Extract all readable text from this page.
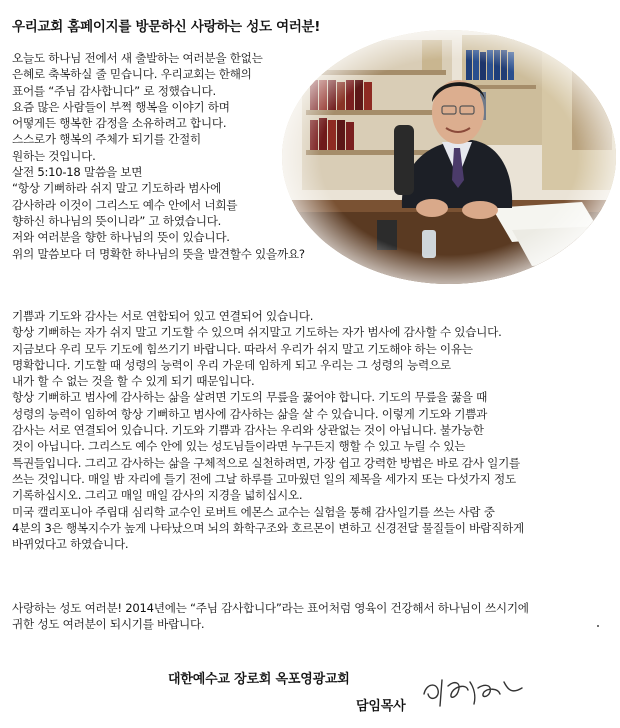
우리교회 홈페이지를 방문하신 사랑하는 성도 여러분!
오늘도 하나님 전에서 새 출발하는 여러분을 한없는
은혜로 축복하실 줄 믿습니다. 우리교회는 한해의
표어를 “주님 감사합니다” 로 정했습니다.
요즘 많은 사람들이 부쩍 행복을 이야기 하며
어떻게든 행복한 감정을 소유하려고 합니다.
스스로가 행복의 주체가 되기를 간절히
원하는 것입니다.
살전 5:10-18 말씀을 보면
“항상 기뻐하라 쉬지 말고 기도하라 범사에
감사하라 이것이 그리스도 예수 안에서 너희를
향하신 하나님의 뜻이니라” 고 하였습니다.
저와 여러분을 향한 하나님의 뜻이 있습니다.
위의 말씀보다 더 명확한 하나님의 뜻을 발견할수 있을까요?
기쁨과 기도와 감사는 서로 연합되어 있고 연결되어 있습니다.
항상 기뻐하는 자가 쉬지 말고 기도할 수 있으며 쉬지말고 기도하는 자가 범사에 감사할 수 있습니다.
지금보다 우리 모두 기도에 힘쓰기기 바랍니다. 따라서 우리가 쉬지 말고 기도해야 하는 이유는
명확합니다. 기도할 때 성령의 능력이 우리 가운데 임하게 되고 우리는 그 성령의 능력으로
내가 할 수 없는 것을 할 수 있게 되기 때문입니다.
항상 기뻐하고 범사에 감사하는 삶을 살려면 기도의 무릎을 꿇어야 합니다. 기도의 무릎을 꿇을 때
성령의 능력이 임하여 항상 기뻐하고 범사에 감사하는 삶을 살 수 있습니다. 이렇게 기도와 기쁨과
감사는 서로 연결되어 있습니다. 기도와 기쁨과 감사는 우리와 상관없는 것이 아닙니다. 불가능한
것이 아닙니다. 그리스도 예수 안에 있는 성도님들이라면 누구든지 행할 수 있고 누릴 수 있는
특권들입니다. 그리고 감사하는 삶을 구체적으로 실천하려면, 가장 쉽고 강력한 방법은 바로 감사 일기를
쓰는 것입니다. 매일 밤 자리에 들기 전에 그날 하루를 고마웠던 일의 제목을 세가지 또는 다섯가지 정도
기록하십시오. 그리고 매일 매일 감사의 지경을 넓히십시오.
미국 캘리포니아 주립대 심리학 교수인 로버트 에몬스 교수는 실험을 통해 감사일기를 쓰는 사람 중
4분의 3은 행복지수가 높게 나타났으며 뇌의 화학구조와 호르몬이 변하고 신경전달 물질들이 바람직하게
바뀌었다고 하였습니다.
사랑하는 성도 여러분! 2014년에는 “주님 감사합니다”라는 표어처럼 영육이 건강해서 하나님이 쓰시기에
귀한 성도 여러분이 되시기를 바랍니다.
대한예수교 장로회 옥포영광교회
담임목사
